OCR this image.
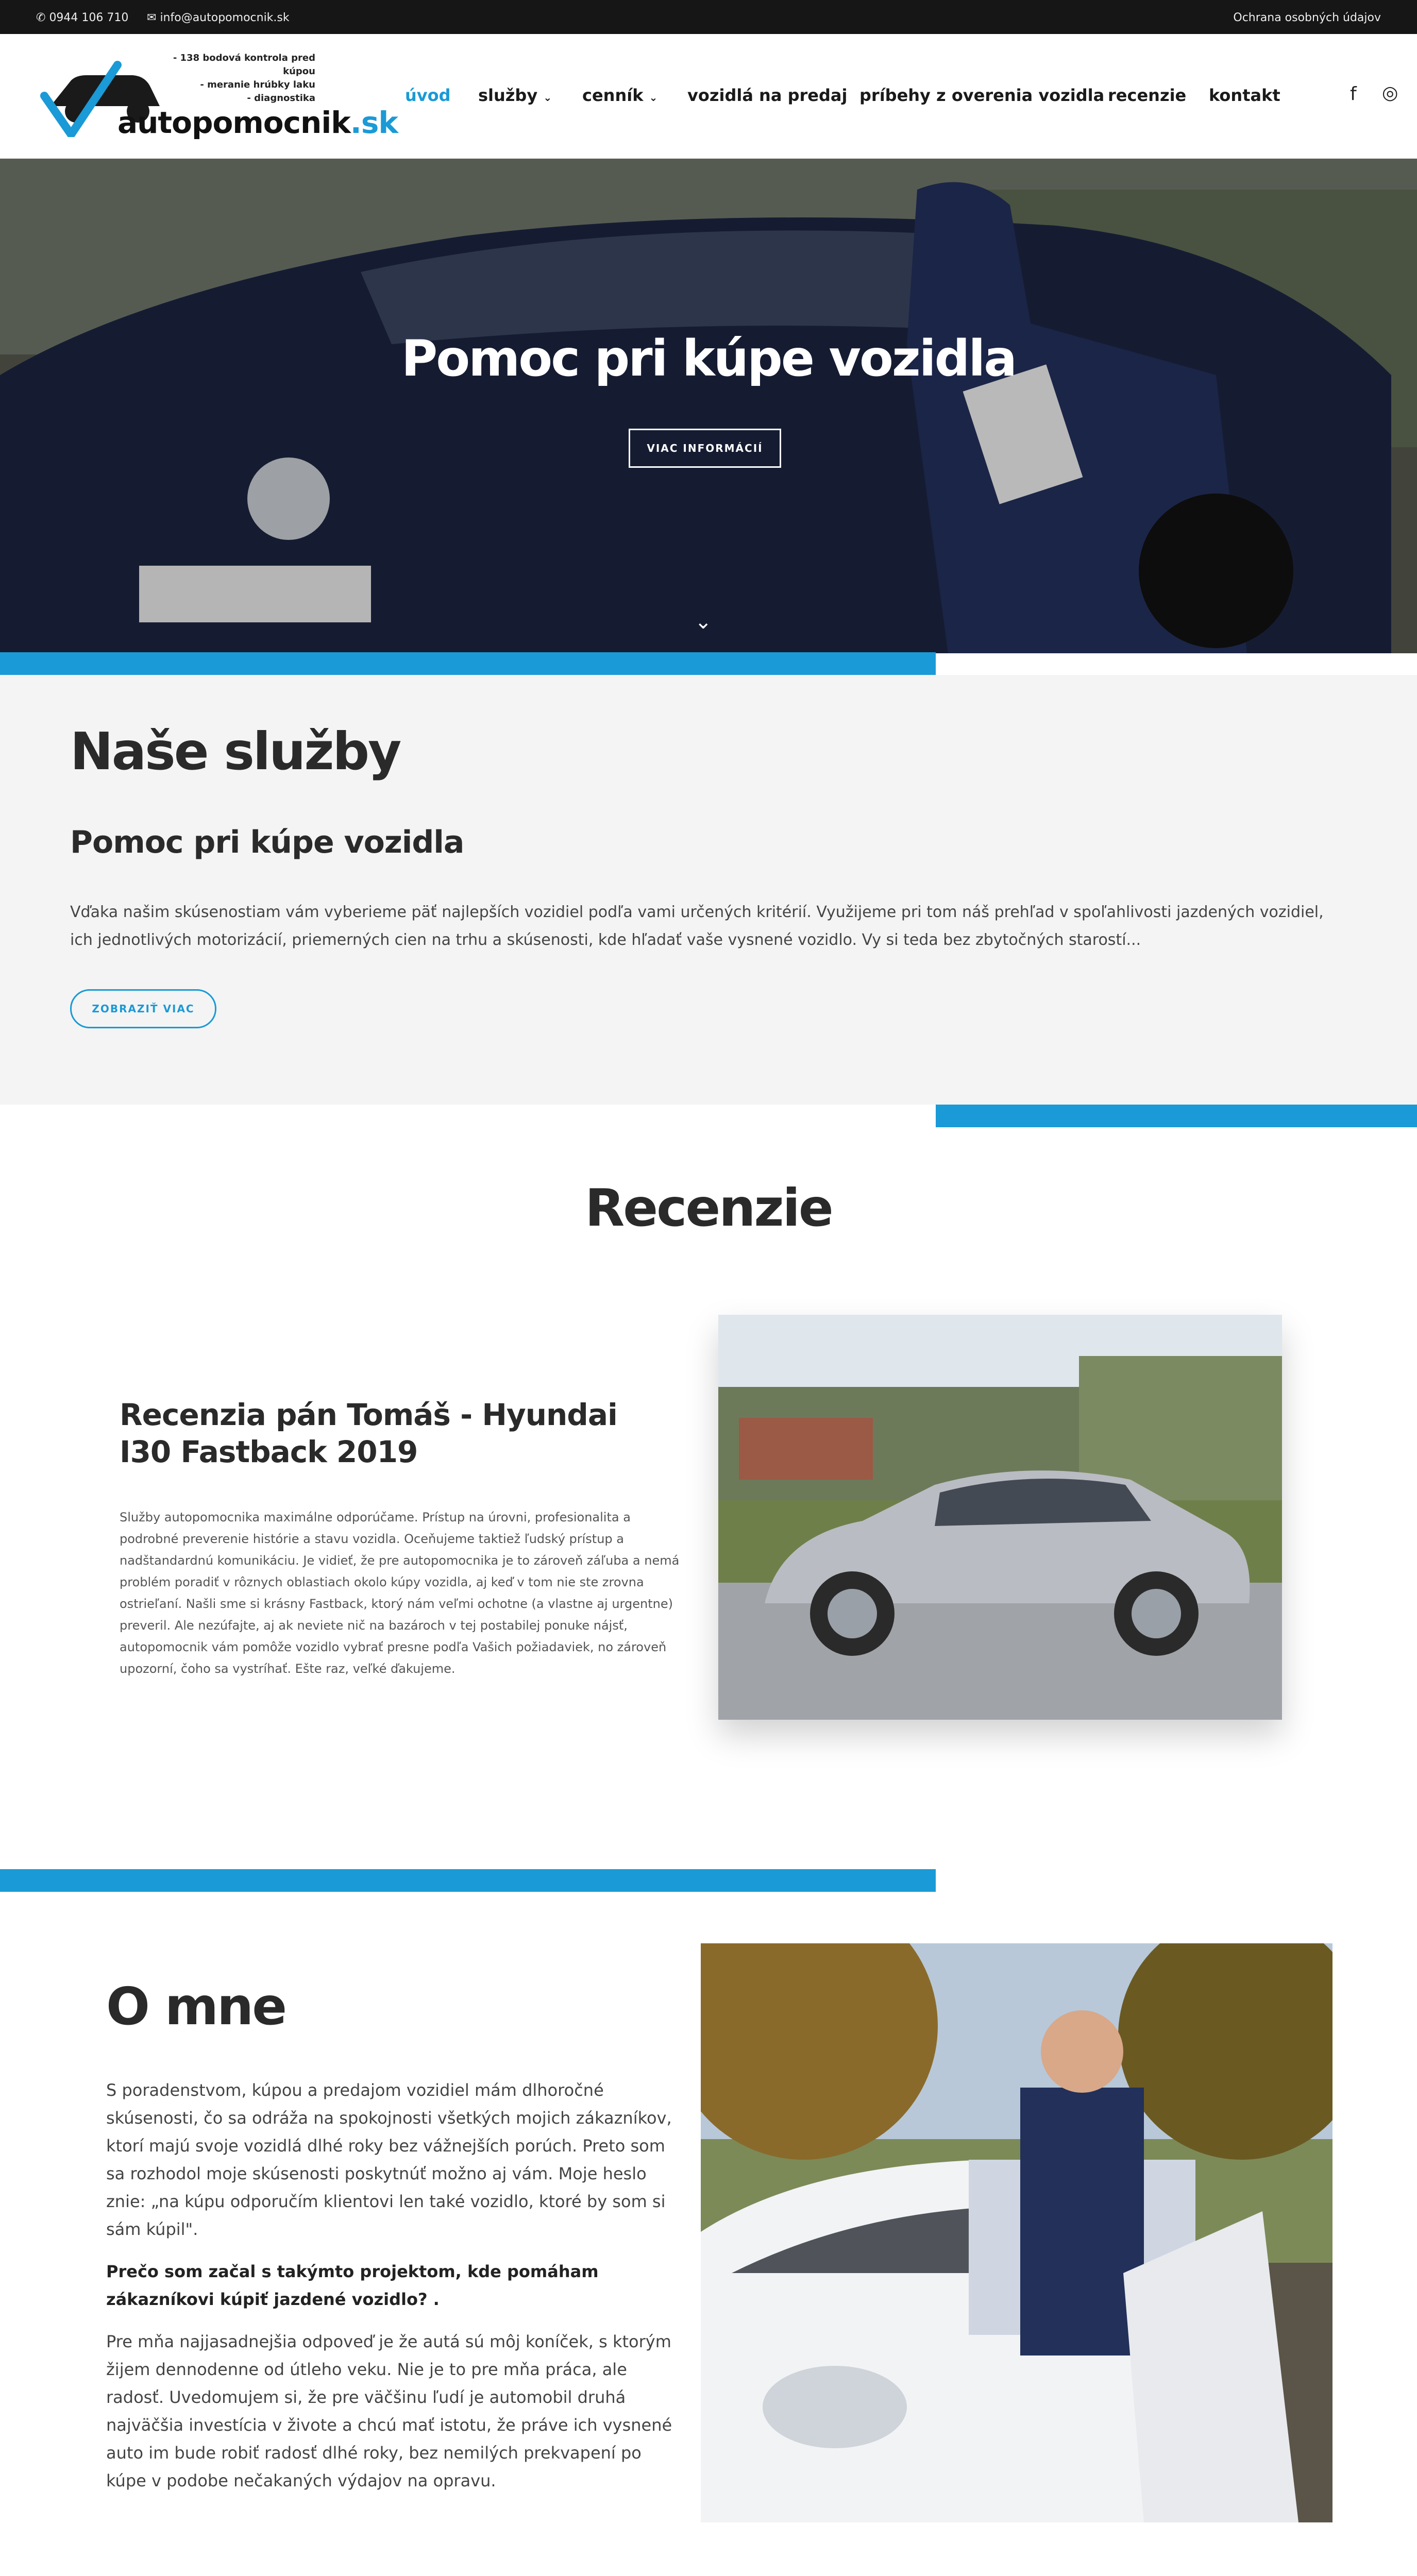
✆ 0944 106 710 ✉ info@autopomocnik.sk	Ochrana osobných údajov
- 138 bodová kontrola pred kúpou
- meranie hrúbky laku
- diagnostika
autopomocnik.sk
úvod služby ⌄ cenník ⌄ vozidlá na predaj príbehy z overenia vozidla recenzie kontakt	f ◎
Pomoc pri kúpe vozidla
VIAC INFORMÁCIÍ
⌄
Naše služby
Pomoc pri kúpe vozidla
Vďaka našim skúsenostiam vám vyberieme päť najlepších vozidiel podľa vami určených kritérií. Využijeme pri tom náš prehľad v spoľahlivosti jazdených vozidiel, ich jednotlivých motorizácií, priemerných cien na trhu a skúsenosti, kde hľadať vaše vysnené vozidlo. Vy si teda bez zbytočných starostí...
ZOBRAZIŤ VIAC
Recenzie
Recenzia pán Tomáš - Hyundai I30 Fastback 2019
Služby autopomocnika maximálne odporúčame. Prístup na úrovni, profesionalita a podrobné preverenie histórie a stavu vozidla. Oceňujeme taktiež ľudský prístup a nadštandardnú komunikáciu. Je vidieť, že pre autopomocnika je to zároveň záľuba a nemá problém poradiť v rôznych oblastiach okolo kúpy vozidla, aj keď v tom nie ste zrovna ostrieľaní. Našli sme si krásny Fastback, ktorý nám veľmi ochotne (a vlastne aj urgentne) preveril. Ale nezúfajte, aj ak neviete nič na bazároch v tej postabilej ponuke nájsť, autopomocnik vám pomôže vozidlo vybrať presne podľa Vašich požiadaviek, no zároveň upozorní, čoho sa vystríhať. Ešte raz, veľké ďakujeme.
O mne

S poradenstvom, kúpou a predajom vozidiel mám dlhoročné skúsenosti, čo sa odráža na spokojnosti všetkých mojich zákazníkov, ktorí majú svoje vozidlá dlhé roky bez vážnejších porúch. Preto som sa rozhodol moje skúsenosti poskytnúť možno aj vám. Moje heslo znie: „na kúpu odporučím klientovi len také vozidlo, ktoré by som si sám kúpil".

Prečo som začal s takýmto projektom, kde pomáham zákazníkovi kúpiť jazdené vozidlo? .

Pre mňa najjasadnejšia odpoveď je že autá sú môj koníček, s ktorým žijem dennodenne od útleho veku. Nie je to pre mňa práca, ale radosť. Uvedomujem si, že pre väčšinu ľudí je automobil druhá najväčšia investícia v živote a chcú mať istotu, že práve ich vysnené auto im bude robiť radosť dlhé roky, bez nemilých prekvapení po kúpe v podobe nečakaných výdajov na opravu.
